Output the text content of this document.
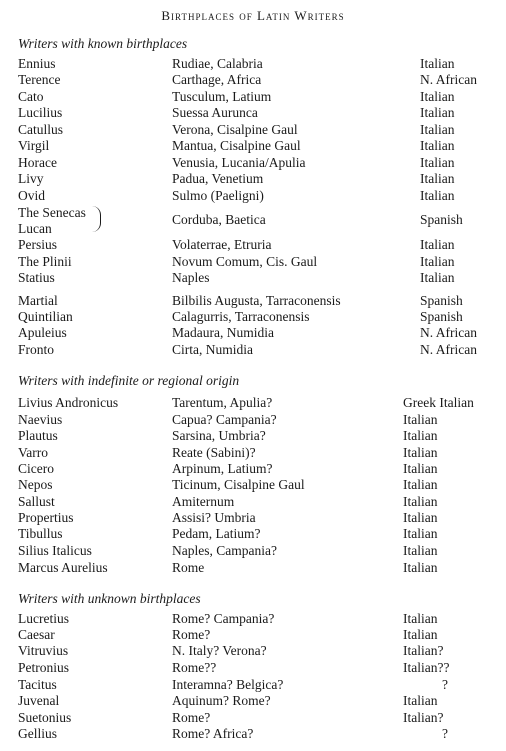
Birthplaces of Latin Writers
Writers with known birthplaces
Ennius	Rudiae, Calabria	Italian
Terence	Carthage, Africa	N. African
Cato	Tusculum, Latium	Italian
Lucilius	Suessa Aurunca	Italian
Catullus	Verona, Cisalpine Gaul	Italian
Virgil	Mantua, Cisalpine Gaul	Italian
Horace	Venusia, Lucania/Apulia	Italian
Livy	Padua, Venetium	Italian
Ovid	Sulmo (Paeligni)	Italian
The Senecas
Lucan
Corduba, Baetica	Spanish
Persius	Volaterrae, Etruria	Italian
The Plinii	Novum Comum, Cis. Gaul	Italian
Statius	Naples	Italian
Martial	Bilbilis Augusta, Tarraconensis	Spanish
Quintilian	Calagurris, Tarraconensis	Spanish
Apuleius	Madaura, Numidia	N. African
Fronto	Cirta, Numidia	N. African
Writers with indefinite or regional origin
Livius Andronicus	Tarentum, Apulia?	Greek Italian
Naevius	Capua? Campania?	Italian
Plautus	Sarsina, Umbria?	Italian
Varro	Reate (Sabini)?	Italian
Cicero	Arpinum, Latium?	Italian
Nepos	Ticinum, Cisalpine Gaul	Italian
Sallust	Amiternum	Italian
Propertius	Assisi? Umbria	Italian
Tibullus	Pedam, Latium?	Italian
Silius Italicus	Naples, Campania?	Italian
Marcus Aurelius	Rome	Italian
Writers with unknown birthplaces
Lucretius	Rome? Campania?	Italian
Caesar	Rome?	Italian
Vitruvius	N. Italy? Verona?	Italian?
Petronius	Rome??	Italian??
Tacitus	Interamna? Belgica?	?
Juvenal	Aquinum? Rome?	Italian
Suetonius	Rome?	Italian?
Gellius	Rome? Africa?	?
